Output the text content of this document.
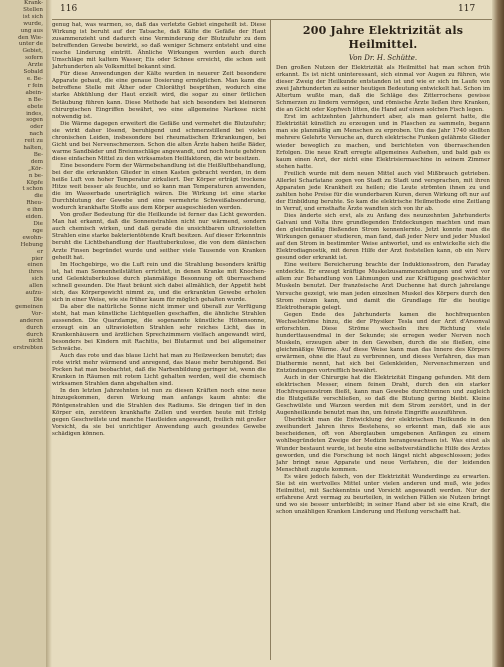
Krank-
Stellen
ist sich
wurde,
ung aus
den Wie-
unter de
Gebiet,
sofern
Ärzte
Sobald
e. Be-
r fein
abein-
n Be-
ebete
indes,
sogen
oder
nach
reit zu
halten,
Be-
dem
„Kör-
n be-
Köpfe
t schon
die
Rheu-
e ihm
eiden.
Die
nge
ewohn-
Hebung
er
pier
einen
ihres
sich
allen
aufzu-
Die
gemeinen
Vor-
anderen
durch
durch
nicht
erstrebten
116	117

genug hat, was warmen, so, daß das verletzte Gebiet eingeheilt ist. Diese Wirkung ist beruht auf der Tatsache, daß Kälte die Gefäße der Haut zusammenzieht und dadurch eine Verminderung der Blutzufuhr zu dem betreffenden Gewebe bewirkt, so daß weniger Schmerz entsteht und eine rasche Linderung eintritt. Ähnliche Wirkungen werden auch durch Umschläge mit kaltem Wasser, Eis oder Schnee erreicht, die schon seit Jahrhunderten als Volksmittel bekannt sind.

Für diese Anwendungen der Kälte wurden in neuerer Zeit besondere Apparate gebaut, die eine genaue Dosierung ermöglichen. Man kann die betroffene Stelle mit Äther oder Chloräthyl besprühen, wodurch eine starke Abkühlung der Haut erzielt wird, die sogar zu einer örtlichen Betäubung führen kann. Diese Methode hat sich besonders bei kleineren chirurgischen Eingriffen bewährt, wo eine allgemeine Narkose nicht notwendig ist.

Die Wärme dagegen erweitert die Gefäße und vermehrt die Blutzufuhr; sie wirkt daher lösend, beruhigend und schmerzstillend bei vielen chronischen Leiden, insbesondere bei rheumatischen Erkrankungen, bei Gicht und bei Nervenschmerzen. Schon die alten Ärzte haben heiße Bäder, warme Sandbäder und Breiumschläge angewandt, und noch heute gehören diese einfachen Mittel zu den wirksamsten Heilfaktoren, die wir besitzen.

Eine besondere Form der Wärmebehandlung ist die Heißluftbehandlung, bei der die erkrankten Glieder in einen Kasten gebracht werden, in dem heiße Luft von hoher Temperatur zirkuliert. Der Körper erträgt trockene Hitze weit besser als feuchte, und so kann man Temperaturen anwenden, die im Wasserbade unerträglich wären. Die Wirkung ist eine starke Durchblutung der Gewebe und eine vermehrte Schweißabsonderung, wodurch krankhafte Stoffe aus dem Körper ausgeschieden werden.

Von großer Bedeutung für die Heilkunde ist ferner das Licht geworden. Man hat erkannt, daß die Sonnenstrahlen nicht nur wärmend, sondern auch chemisch wirken, und daß gerade die unsichtbaren ultravioletten Strahlen eine starke bakterientötende Kraft besitzen. Auf dieser Erkenntnis beruht die Lichtbehandlung der Hauttuberkulose, die von dem dänischen Arzte Finsen begründet wurde und seither viele Tausende von Kranken geheilt hat.

Im Hochgebirge, wo die Luft rein und die Strahlung besonders kräftig ist, hat man Sonnenheilstätten errichtet, in denen Kranke mit Knochen- und Gelenktuberkulose durch planmäßige Besonnung oft überraschend schnell gesunden. Die Haut bräunt sich dabei allmählich, der Appetit hebt sich, das Körpergewicht nimmt zu, und die erkrankten Gewebe erholen sich in einer Weise, wie sie früher kaum für möglich gehalten wurde.

Da aber die natürliche Sonne nicht immer und überall zur Verfügung steht, hat man künstliche Lichtquellen geschaffen, die ähnliche Strahlen aussenden. Die Quarzlampe, die sogenannte künstliche Höhensonne, erzeugt ein an ultravioletten Strahlen sehr reiches Licht, das in Krankenhäusern und ärztlichen Sprechzimmern vielfach angewandt wird, besonders bei Kindern mit Rachitis, bei Blutarmut und bei allgemeiner Schwäche.

Auch das rote und das blaue Licht hat man zu Heilzwecken benutzt; das rote wirkt mehr wärmend und anregend, das blaue mehr beruhigend. Bei Pocken hat man beobachtet, daß die Narbenbildung geringer ist, wenn die Kranken in Räumen mit rotem Licht gehalten werden, weil die chemisch wirksamen Strahlen dann abgehalten sind.

In den letzten Jahrzehnten ist nun zu diesen Kräften noch eine neue hinzugekommen, deren Wirkung man anfangs kaum ahnte: die Röntgenstrahlen und die Strahlen des Radiums. Sie dringen tief in den Körper ein, zerstören krankhafte Zellen und werden heute mit Erfolg gegen Geschwülste und manche Hautleiden angewandt, freilich mit großer Vorsicht, da sie bei unrichtiger Anwendung auch gesundes Gewebe schädigen können.

200 Jahre Elektrizität als Heilmittel.
Von Dr. H. Schütte.

Den großen Nutzen der Elektrizität als Heilmittel hat man schon früh erkannt. Es ist nicht uninteressant, sich einmal vor Augen zu führen, wie dieser Zweig der Heilkunde entstanden ist und wie er sich im Laufe von zwei Jahrhunderten zu seiner heutigen Bedeutung entwickelt hat. Schon im Altertum wußte man, daß die Schläge des Zitterrochens gewisse Schmerzen zu lindern vermögen, und römische Ärzte ließen ihre Kranken, die an Gicht oder Kopfweh litten, die Hand auf einen solchen Fisch legen.

Erst im achtzehnten Jahrhundert aber, als man gelernt hatte, die Elektrizität künstlich zu erzeugen und in Flaschen zu sammeln, begann man sie planmäßig am Menschen zu erproben. Um das Jahr 1740 stellten mehrere Gelehrte Versuche an, durch elektrische Funken gelähmte Glieder wieder beweglich zu machen, und berichteten von überraschenden Erfolgen. Die neue Kraft erregte allgemeines Aufsehen, und bald gab es kaum einen Arzt, der nicht eine Elektrisiermaschine in seinem Zimmer stehen hatte.

Freilich wurde mit dem neuen Mittel auch viel Mißbrauch getrieben. Allerlei Scharlatane zogen von Stadt zu Stadt und versprachen, mit ihren Apparaten jede Krankheit zu heilen; die Leute strömten ihnen zu und zahlten hohe Preise für die wunderbaren Kuren, deren Wirkung oft nur auf der Einbildung beruhte. So kam die elektrische Heilmethode eine Zeitlang in Verruf, und ernsthafte Ärzte wandten sich von ihr ab.

Dies änderte sich erst, als zu Anfang des neunzehnten Jahrhunderts Galvani und Volta ihre grundlegenden Entdeckungen machten und man den gleichmäßig fließenden Strom kennenlernte. Jetzt konnte man die Wirkungen genauer studieren, man fand, daß jeder Nerv und jeder Muskel auf den Strom in bestimmter Weise antwortet, und es entwickelte sich die Elektrodiagnostik, mit deren Hilfe der Arzt feststellen kann, ob ein Nerv gesund oder erkrankt ist.

Eine weitere Bereicherung brachte der Induktionsstrom, den Faraday entdeckte. Er erzeugt kräftige Muskelzusammenziehungen und wird vor allem zur Behandlung von Lähmungen und zur Kräftigung geschwächter Muskeln benutzt. Der französische Arzt Duchenne hat durch jahrelange Versuche gezeigt, wie man jeden einzelnen Muskel des Körpers durch den Strom reizen kann, und damit die Grundlage für die heutige Elektrotherapie gelegt.

Gegen Ende des Jahrhunderts kamen die hochfrequenten Wechselströme hinzu, die der Physiker Tesla und der Arzt d'Arsonval erforschten. Diese Ströme wechseln ihre Richtung viele hunderttausendmal in der Sekunde; sie erregen weder Nerven noch Muskeln, erzeugen aber in den Geweben, durch die sie fließen, eine gleichmäßige Wärme. Auf diese Weise kann man das Innere des Körpers erwärmen, ohne die Haut zu verbrennen, und dieses Verfahren, das man Diathermie nennt, hat sich bei Gelenkleiden, Nervenschmerzen und Entzündungen vortrefflich bewährt.

Auch in der Chirurgie hat die Elektrizität Eingang gefunden. Mit dem elektrischen Messer, einem feinen Draht, durch den ein starker Hochfrequenzstrom fließt, kann man Gewebe durchtrennen und zugleich die Blutgefäße verschließen, so daß die Blutung gering bleibt. Kleine Geschwülste und Warzen werden mit dem Strom zerstört, und in der Augenheilkunde benutzt man ihn, um feinste Eingriffe auszuführen.

Überblickt man die Entwicklung der elektrischen Heilkunde in den zweihundert Jahren ihres Bestehens, so erkennt man, daß sie aus bescheidenen, oft von Aberglauben umgebenen Anfängen zu einem wohlbegründeten Zweige der Medizin herangewachsen ist. Was einst als Wunder bestaunt wurde, ist heute eine selbstverständliche Hilfe des Arztes geworden, und die Forschung ist noch längst nicht abgeschlossen; jedes Jahr bringt neue Apparate und neue Verfahren, die der leidenden Menschheit zugute kommen.

Es wäre jedoch falsch, von der Elektrizität Wunderdinge zu erwarten. Sie ist ein wertvolles Mittel unter vielen anderen und muß, wie jedes Heilmittel, mit Sachkenntnis und Vorsicht angewandt werden. Nur der erfahrene Arzt vermag zu beurteilen, in welchen Fällen sie Nutzen bringt und wo sie besser unterbleibt; in seiner Hand aber ist sie eine Kraft, die schon unzähligen Kranken Linderung und Heilung verschafft hat.
